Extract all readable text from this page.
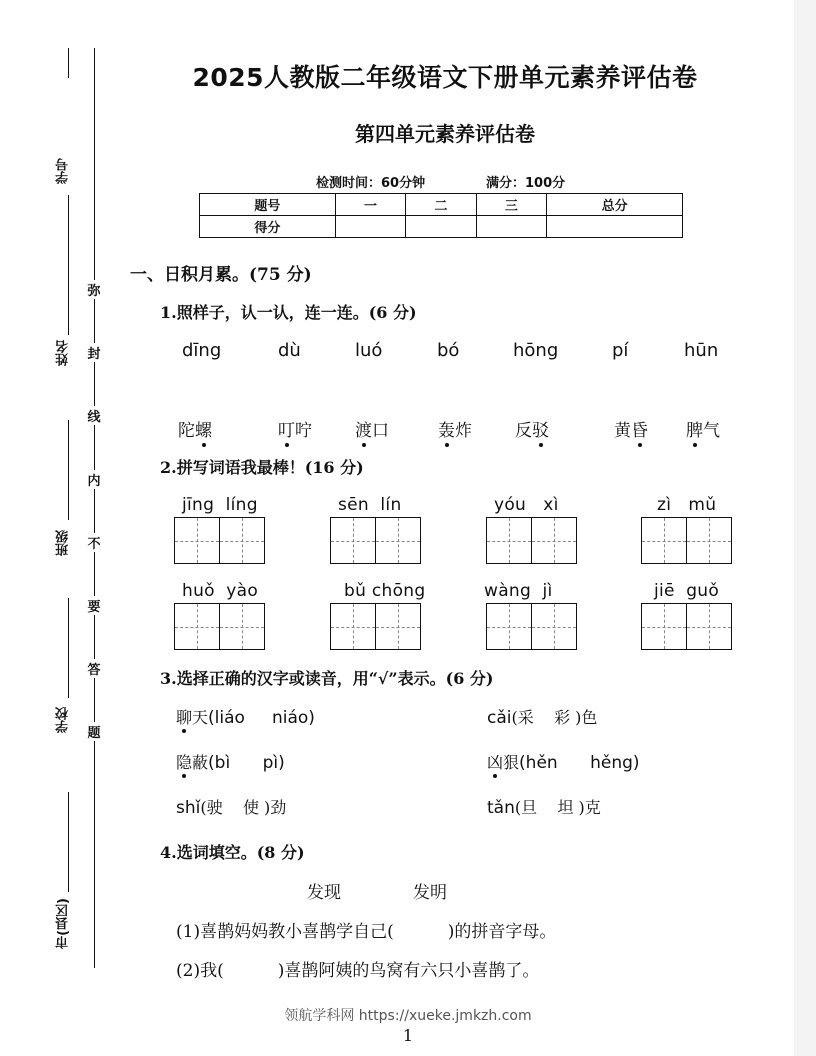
学号
姓名
班级
学校
市(县区)
弥
封
线
内
不
要
答
题
2025人教版二年级语文下册单元素养评估卷
第四单元素养评估卷
检测时间：60分钟	满分：100分
题号	一	二	三	总分
得分				
一、日积月累。(75 分)
1.照样子，认一认，连一连。(6 分)
dīng	dù	luó	bó	hōng	pí	hūn
陀螺	叮咛	渡口	轰炸	反驳	黄昏 脾气
2.拼写词语我最棒！(16 分)
jīng  líng	sēn  lín	yóu   xì	zì   mǔ
huǒ  yào	bǔ chōng	wàng  jì	jiē  guǒ
3.选择正确的汉字或读音，用“√”表示。(6 分)
聊天(liáo     niáo)	cǎi(采    彩 )色
隐蔽(bì      pì)	凶狠(hěn      hěng)
shǐ(驶    使 )劲	tǎn(旦    坦 )克
4.选词填空。(8 分)
发现	发明
(1)喜鹊妈妈教小喜鹊学自己(          )的拼音字母。
(2)我(          )喜鹊阿姨的鸟窝有六只小喜鹊了。
领航学科网 https://xueke.jmkzh.com
1
